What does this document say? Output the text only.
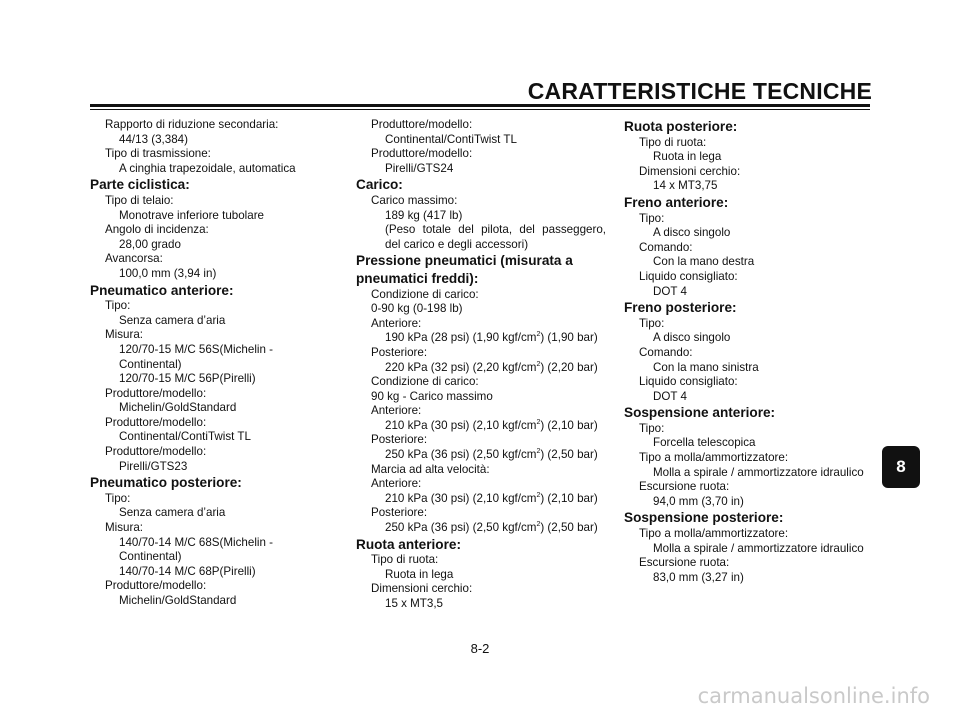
CARATTERISTICHE TECNICHE
Rapporto di riduzione secondaria:
44/13 (3,384)
Tipo di trasmissione:
A cinghia trapezoidale, automatica
Parte ciclistica:
Tipo di telaio:
Monotrave inferiore tubolare
Angolo di incidenza:
28,00 grado
Avancorsa:
100,0 mm (3,94 in)
Pneumatico anteriore:
Tipo:
Senza camera d’aria
Misura:
120/70-15 M/C 56S(Michelin -
Continental)
120/70-15 M/C 56P(Pirelli)
Produttore/modello:
Michelin/GoldStandard
Produttore/modello:
Continental/ContiTwist TL
Produttore/modello:
Pirelli/GTS23
Pneumatico posteriore:
Tipo:
Senza camera d’aria
Misura:
140/70-14 M/C 68S(Michelin -
Continental)
140/70-14 M/C 68P(Pirelli)
Produttore/modello:
Michelin/GoldStandard
Produttore/modello:
Continental/ContiTwist TL
Produttore/modello:
Pirelli/GTS24
Carico:
Carico massimo:
189 kg (417 lb)
(Peso totale del pilota, del passeggero,
del carico e degli accessori)
Pressione pneumatici (misurata a
pneumatici freddi):
Condizione di carico:
0-90 kg (0-198 lb)
Anteriore:
190 kPa (28 psi) (1,90 kgf/$cm^2$) (1,90 bar)
Posteriore:
220 kPa (32 psi) (2,20 kgf/$cm^2$) (2,20 bar)
Condizione di carico:
90 kg - Carico massimo
Anteriore:
210 kPa (30 psi) (2,10 kgf/$cm^2$) (2,10 bar)
Posteriore:
250 kPa (36 psi) (2,50 kgf/$cm^2$) (2,50 bar)
Marcia ad alta velocità:
Anteriore:
210 kPa (30 psi) (2,10 kgf/$cm^2$) (2,10 bar)
Posteriore:
250 kPa (36 psi) (2,50 kgf/$cm^2$) (2,50 bar)
Ruota anteriore:
Tipo di ruota:
Ruota in lega
Dimensioni cerchio:
15 x MT3,5
Ruota posteriore:
Tipo di ruota:
Ruota in lega
Dimensioni cerchio:
14 x MT3,75
Freno anteriore:
Tipo:
A disco singolo
Comando:
Con la mano destra
Liquido consigliato:
DOT 4
Freno posteriore:
Tipo:
A disco singolo
Comando:
Con la mano sinistra
Liquido consigliato:
DOT 4
Sospensione anteriore:
Tipo:
Forcella telescopica
Tipo a molla/ammortizzatore:
Molla a spirale / ammortizzatore idraulico
Escursione ruota:
94,0 mm (3,70 in)
Sospensione posteriore:
Tipo a molla/ammortizzatore:
Molla a spirale / ammortizzatore idraulico
Escursione ruota:
83,0 mm (3,27 in)
8
8-2
carmanualsonline.info
